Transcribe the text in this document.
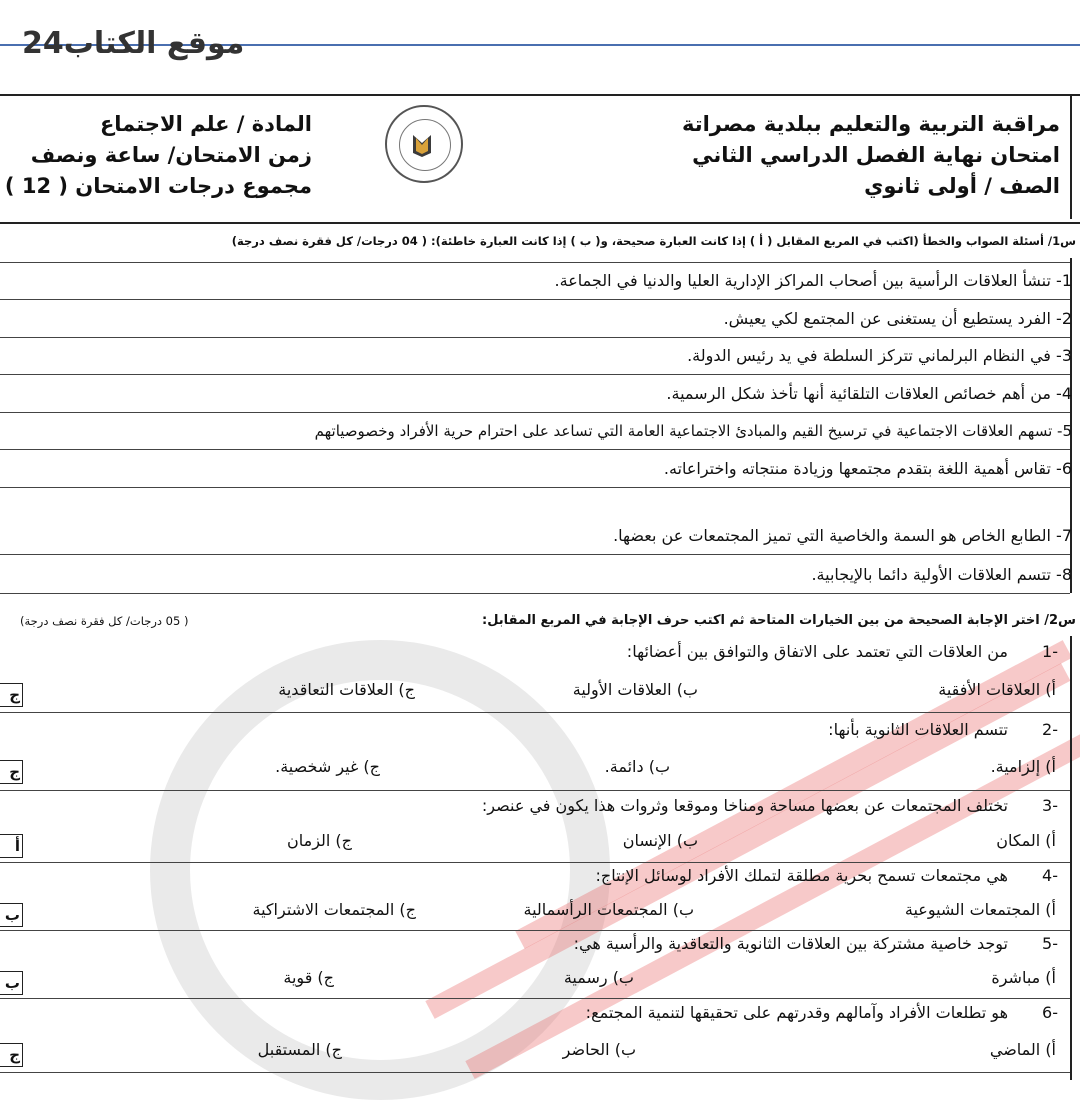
موقع الكتاب24
مراقبة التربية والتعليم ببلدية مصراتة
امتحان نهاية الفصل الدراسي الثاني
الصف / أولى ثانوي
المادة / علم الاجتماع
زمن الامتحان/ ساعة ونصف
مجموع درجات الامتحان ( 12 )
س1/ أسئلة الصواب والخطأ (اكتب في المربع المقابل ( أ ) إذا كانت العبارة صحيحة، و( ب ) إذا كانت العبارة خاطئة): ( 04 درجات/ كل فقرة نصف درجة)
1- تنشأ العلاقات الرأسية بين أصحاب المراكز الإدارية العليا والدنيا في الجماعة.
2- الفرد يستطيع أن يستغنى عن المجتمع لكي يعيش.
3- في النظام البرلماني تتركز السلطة في يد رئيس الدولة.
4- من أهم خصائص العلاقات التلقائية أنها تأخذ شكل الرسمية.
5- تسهم العلاقات الاجتماعية في ترسيخ القيم والمبادئ الاجتماعية العامة التي تساعد على احترام حرية الأفراد وخصوصياتهم
6- تقاس أهمية اللغة بتقدم مجتمعها وزيادة منتجاته واختراعاته.
7- الطابع الخاص هو السمة والخاصية التي تميز المجتمعات عن بعضها.
8- تتسم العلاقات الأولية دائما بالإيجابية.
س2/ اختر الإجابة الصحيحة من بين الخيارات المتاحة ثم اكتب حرف الإجابة في المربع المقابل:
( 05 درجات/ كل فقرة نصف درجة)
-1
من العلاقات التي تعتمد على الاتفاق والتوافق بين أعضائها:
أ) العلاقات الأفقية
ب) العلاقات الأولية
ج) العلاقات التعاقدية
ج
-2
تتسم العلاقات الثانوية بأنها:
أ) إلزامية.
ب) دائمة.
ج) غير شخصية.
ج
-3
تختلف المجتمعات عن بعضها مساحة ومناخا وموقعا وثروات هذا يكون في عنصر:
أ) المكان
ب) الإنسان
ج) الزمان
أ
-4
هي مجتمعات تسمح بحرية مطلقة لتملك الأفراد لوسائل الإنتاج:
أ) المجتمعات الشيوعية
ب) المجتمعات الرأسمالية
ج) المجتمعات الاشتراكية
ب
-5
توجد خاصية مشتركة بين العلاقات الثانوية والتعاقدية والرأسية هي:
أ) مباشرة
ب) رسمية
ج) قوية
ب
-6
هو تطلعات الأفراد وآمالهم وقدرتهم على تحقيقها لتنمية المجتمع:
أ) الماضي
ب) الحاضر
ج) المستقبل
ج
